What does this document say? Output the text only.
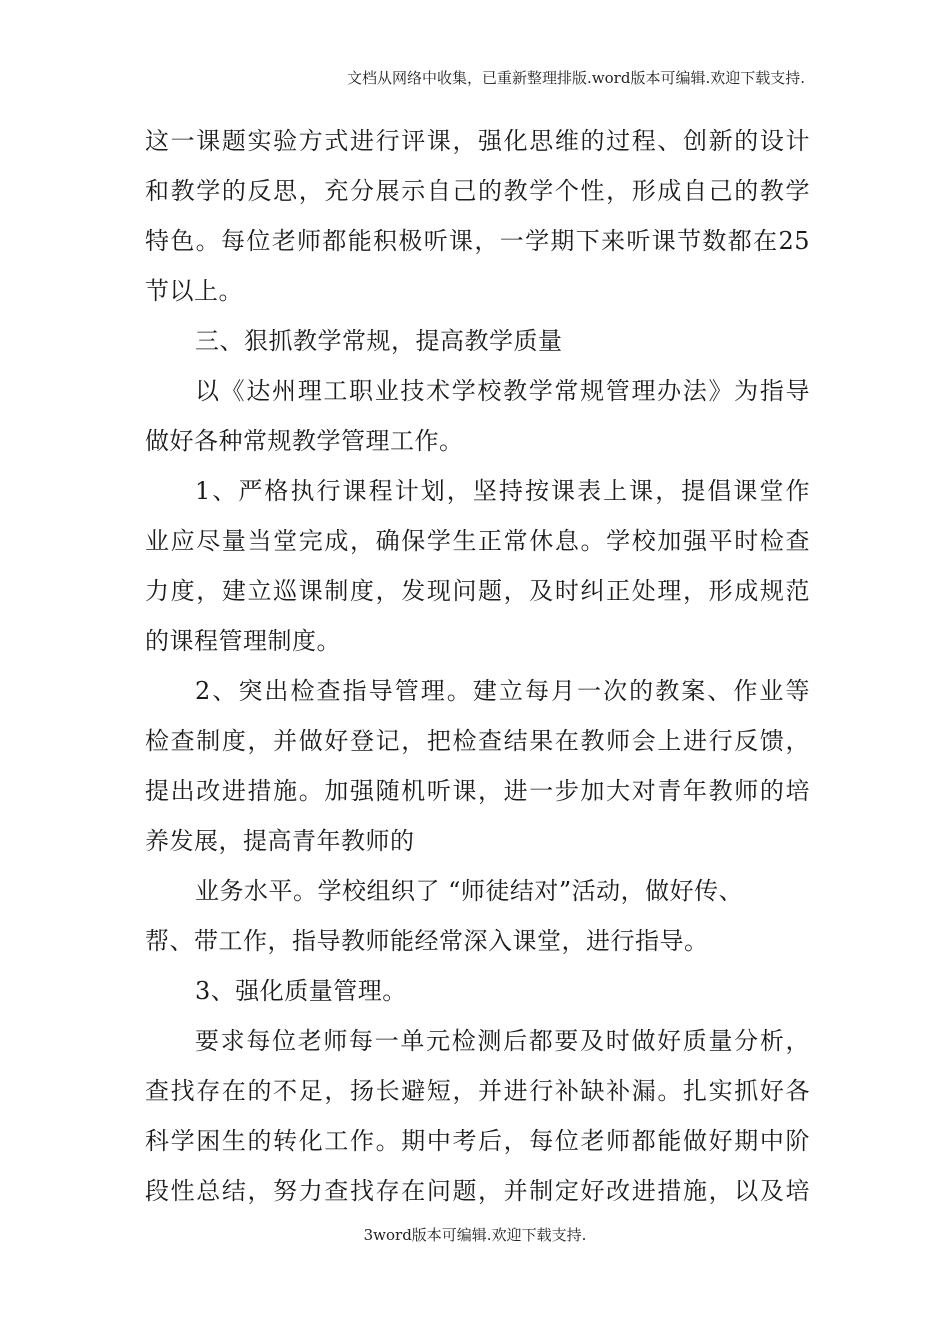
文档从网络中收集，已重新整理排版.word版本可编辑.欢迎下载支持.
这一课题实验方式进行评课，强化思维的过程、创新的设计
和教学的反思，充分展示自己的教学个性，形成自己的教学
特色。每位老师都能积极听课，一学期下来听课节数都在25
节以上。
三、狠抓教学常规，提高教学质量
以《达州理工职业技术学校教学常规管理办法》为指导
做好各种常规教学管理工作。
1、严格执行课程计划，坚持按课表上课，提倡课堂作
业应尽量当堂完成，确保学生正常休息。学校加强平时检查
力度，建立巡课制度，发现问题，及时纠正处理，形成规范
的课程管理制度。
2、突出检查指导管理。建立每月一次的教案、作业等
检查制度，并做好登记，把检查结果在教师会上进行反馈，
提出改进措施。加强随机听课，进一步加大对青年教师的培
养发展，提高青年教师的
业务水平。学校组织了 “师徒结对”活动，做好传、
帮、带工作，指导教师能经常深入课堂，进行指导。
3、强化质量管理。
要求每位老师每一单元检测后都要及时做好质量分析，
查找存在的不足，扬长避短，并进行补缺补漏。扎实抓好各
科学困生的转化工作。期中考后，每位老师都能做好期中阶
段性总结，努力查找存在问题，并制定好改进措施，以及培
3word版本可编辑.欢迎下载支持.
